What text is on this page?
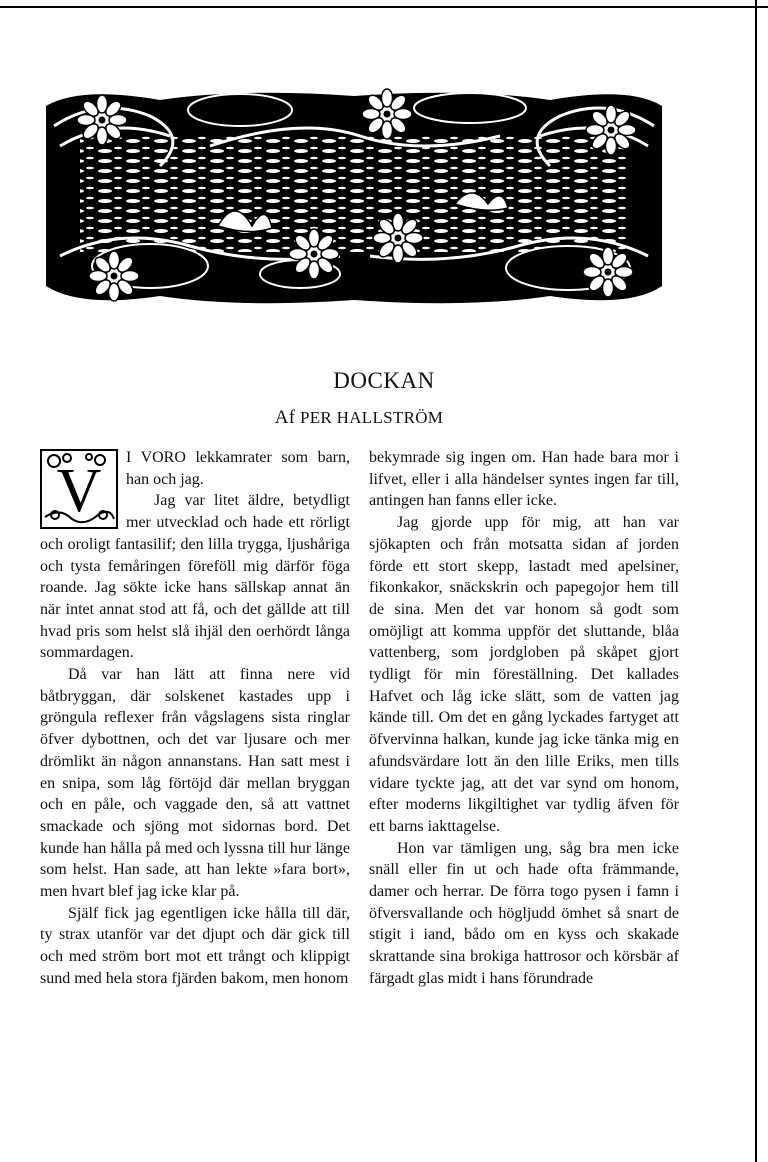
DOCKAN
Af PER HALLSTRÖM
V	I VORO lekkamrater som barn, han och jag.

Jag var litet äldre, betydligt mer utvecklad och hade ett rörligt och oroligt fantasilif; den lilla trygga, ljushåriga och tysta femåringen föreföll mig därför föga roande. Jag sökte icke hans sällskap annat än när intet annat stod att få, och det gällde att till hvad pris som helst slå ihjäl den oerhördt långa sommardagen.

Då var han lätt att finna nere vid båtbryggan, där solskenet kastades upp i gröngula reflexer från vågslagens sista ringlar öfver dybottnen, och det var ljusare och mer drömlikt än någon annanstans. Han satt mest i en snipa, som låg förtöjd där mellan bryggan och en påle, och vaggade den, så att vattnet smackade och sjöng mot sidornas bord. Det kunde han hålla på med och lyssna till hur länge som helst. Han sade, att han lekte »fara bort», men hvart blef jag icke klar på.

Själf fick jag egentligen icke hålla till där, ty strax utanför var det djupt och där gick till och med ström bort mot ett trångt och klippigt sund med hela stora fjärden bakom, men honom

bekymrade sig ingen om. Han hade bara mor i lifvet, eller i alla händelser syntes ingen far till, antingen han fanns eller icke.

Jag gjorde upp för mig, att han var sjökapten och från motsatta sidan af jorden förde ett stort skepp, lastadt med apelsiner, fikonkakor, snäckskrin och papegojor hem till de sina. Men det var honom så godt som omöjligt att komma uppför det sluttande, blåa vattenberg, som jordgloben på skåpet gjort tydligt för min föreställning. Det kallades Hafvet och låg icke slätt, som de vatten jag kände till. Om det en gång lyckades fartyget att öfvervinna halkan, kunde jag icke tänka mig en afundsvärdare lott än den lille Eriks, men tills vidare tyckte jag, att det var synd om honom, efter moderns likgiltighet var tydlig äfven för ett barns iakttagelse.

Hon var tämligen ung, såg bra men icke snäll eller fin ut och hade ofta främmande, damer och herrar. De förra togo pysen i famn i öfversvallande och högljudd ömhet så snart de stigit i iand, bådo om en kyss och skakade skrattande sina brokiga hattrosor och körsbär af färgadt glas midt i hans förundrade
